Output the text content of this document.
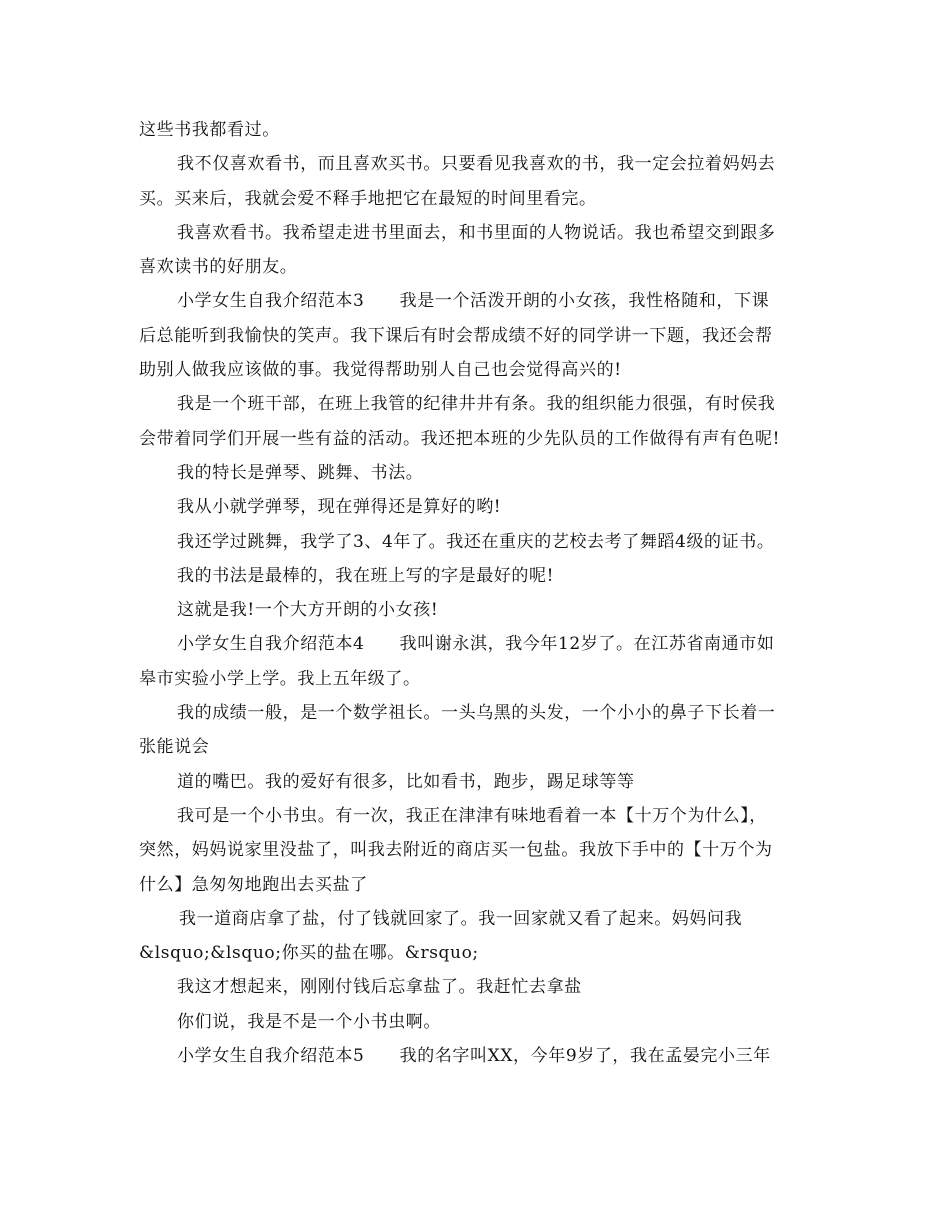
这些书我都看过。
我不仅喜欢看书，而且喜欢买书。只要看见我喜欢的书，我一定会拉着妈妈去
买。买来后，我就会爱不释手地把它在最短的时间里看完。
我喜欢看书。我希望走进书里面去，和书里面的人物说话。我也希望交到跟多
喜欢读书的好朋友。
小学女生自我介绍范本3　　我是一个活泼开朗的小女孩，我性格随和，下课
后总能听到我愉快的笑声。我下课后有时会帮成绩不好的同学讲一下题，我还会帮
助别人做我应该做的事。我觉得帮助别人自己也会觉得高兴的!
我是一个班干部，在班上我管的纪律井井有条。我的组织能力很强，有时侯我
会带着同学们开展一些有益的活动。我还把本班的少先队员的工作做得有声有色呢!
我的特长是弹琴、跳舞、书法。
我从小就学弹琴，现在弹得还是算好的哟!
我还学过跳舞，我学了3、4年了。我还在重庆的艺校去考了舞蹈4级的证书。
我的书法是最棒的，我在班上写的字是最好的呢!
这就是我!一个大方开朗的小女孩!
小学女生自我介绍范本4　　我叫谢永淇，我今年12岁了。在江苏省南通市如
皋市实验小学上学。我上五年级了。
我的成绩一般，是一个数学祖长。一头乌黑的头发，一个小小的鼻子下长着一
张能说会
道的嘴巴。我的爱好有很多，比如看书，跑步，踢足球等等
我可是一个小书虫。有一次，我正在津津有味地看着一本【十万个为什么】，
突然，妈妈说家里没盐了，叫我去附近的商店买一包盐。我放下手中的【十万个为
什么】急匆匆地跑出去买盐了
我一道商店拿了盐，付了钱就回家了。我一回家就又看了起来。妈妈问我
&lsquo;&lsquo;你买的盐在哪。&rsquo;
我这才想起来，刚刚付钱后忘拿盐了。我赶忙去拿盐
你们说，我是不是一个小书虫啊。
小学女生自我介绍范本5　　我的名字叫XX，今年9岁了，我在孟晏完小三年
